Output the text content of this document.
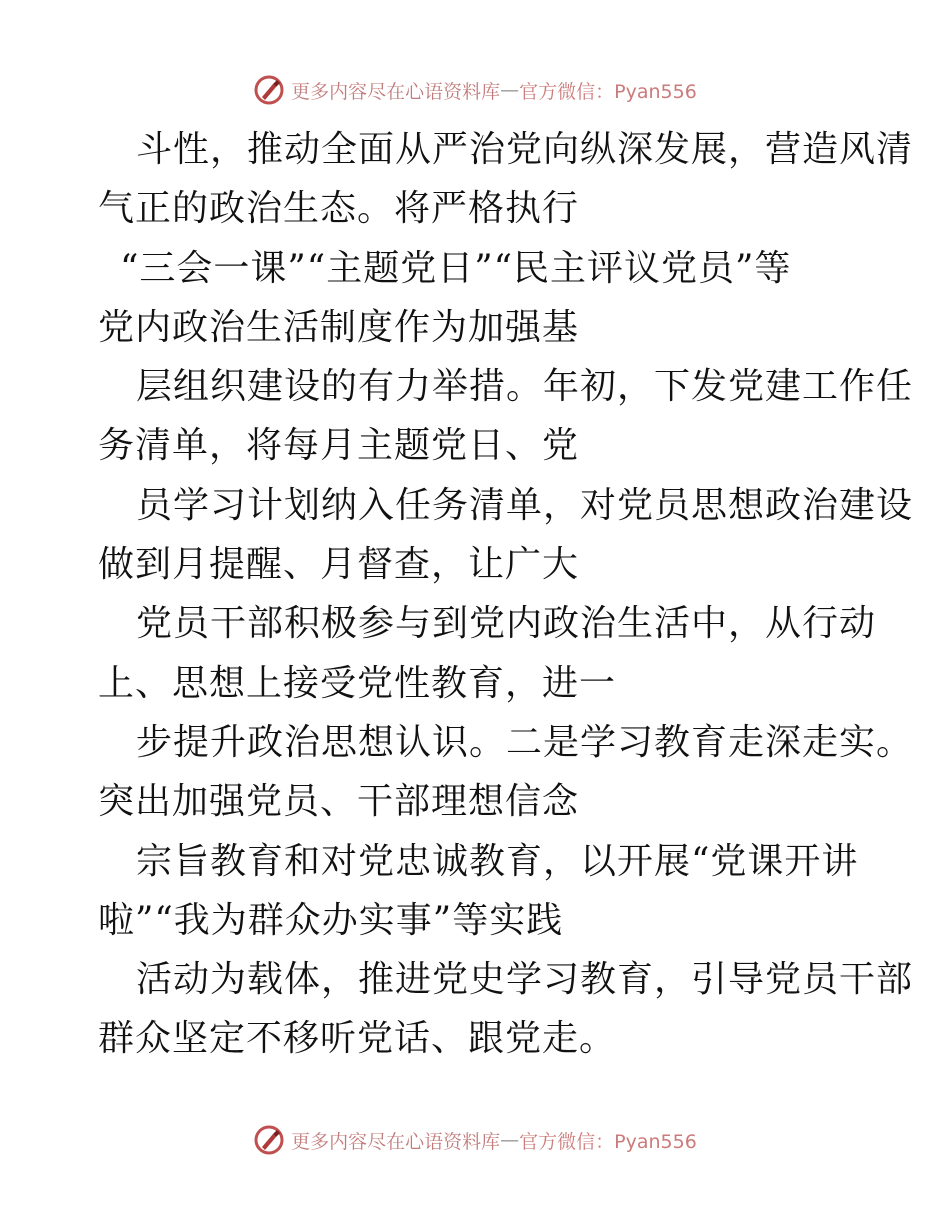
更多内容尽在心语资料库 — 官方微信：Pyan556
斗性，推动全面从严治党向纵深发展，营造风清
气正的政治生态。将严格执行
“三会一课”“主题党日”“民主评议党员”等
党内政治生活制度作为加强基
层组织建设的有力举措。年初，下发党建工作任
务清单，将每月主题党日、党
员学习计划纳入任务清单，对党员思想政治建设
做到月提醒、月督查，让广大
党员干部积极参与到党内政治生活中，从行动
上、思想上接受党性教育，进一
步提升政治思想认识。二是学习教育走深走实。
突出加强党员、干部理想信念
宗旨教育和对党忠诚教育，以开展“党课开讲
啦”“我为群众办实事”等实践
活动为载体，推进党史学习教育，引导党员干部
群众坚定不移听党话、跟党走。
更多内容尽在心语资料库 — 官方微信：Pyan556
